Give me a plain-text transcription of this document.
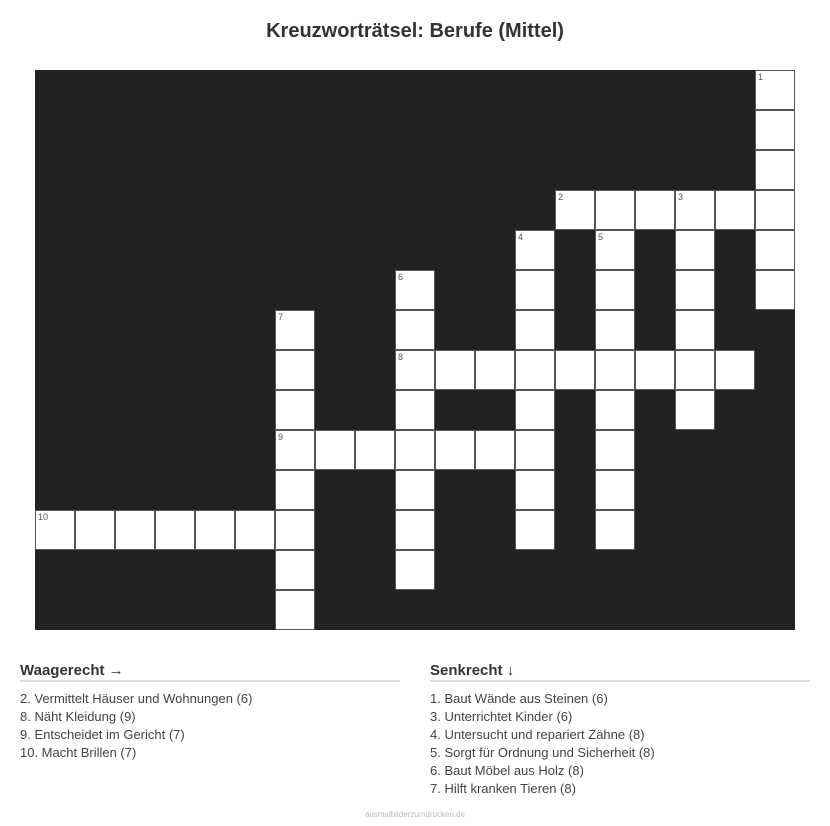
Kreuzworträtsel: Berufe (Mittel)
1
2	3
4	5
6
7
8
9
10
Waagerecht →
2. Vermittelt Häuser und Wohnungen (6)
8. Näht Kleidung (9)
9. Entscheidet im Gericht (7)
10. Macht Brillen (7)
Senkrecht ↓
1. Baut Wände aus Steinen (6)
3. Unterrichtet Kinder (6)
4. Untersucht und repariert Zähne (8)
5. Sorgt für Ordnung und Sicherheit (8)
6. Baut Möbel aus Holz (8)
7. Hilft kranken Tieren (8)
ausmalbilderzumdrucken.de
